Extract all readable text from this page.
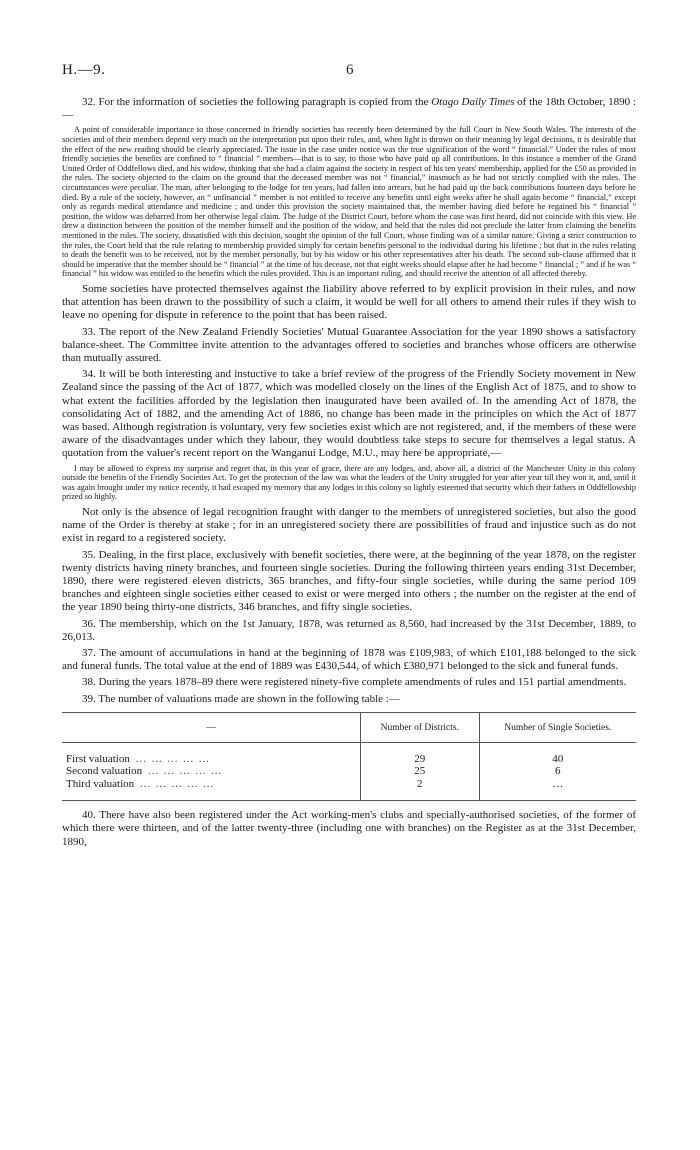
H.—9.	6

32. For the information of societies the following paragraph is copied from the Otago Daily Times of the 18th October, 1890 :—

A point of considerable importance to those concerned in friendly societies has recently been determined by the full Court in New South Wales. The interests of the societies and of their members depend very much on the interpretation put upon their rules, and, when light is thrown on their meaning by legal decisions, it is desirable that the effect of the new reading should be clearly appreciated. The issue in the case under notice was the true signification of the word “ financial.” Under the rules of most friendly societies the benefits are confined to “ financial ” members—that is to say, to those who have paid up all contributions. In this instance a member of the Grand United Order of Oddfellows died, and his widow, thinking that she had a claim against the society in respect of his ten years' membership, applied for the £50 as provided in the rules. The society objected to the claim on the ground that the deceased member was not “ financial,” inasmuch as he had not strictly complied with the rules. The circumstances were peculiar. The man, after belonging to the lodge for ten years, had fallen into arrears, but he had paid up the back contributions fourteen days before he died. By a rule of the society, however, an “ unfinancial ” member is not entitled to receive any benefits until eight weeks after he shall again become “ financial,” except only as regards medical attendance and medicine ; and under this provision the society maintained that, the member having died before he regained his “ financial ” position, the widow was debarred from her otherwise legal claim. The Judge of the District Court, before whom the case was first heard, did not coincide with this view. He drew a distinction between the position of the member himself and the position of the widow, and held that the rules did not preclude the latter from claiming the benefits mentioned in the rules. The society, dissatisfied with this decision, sought the opinion of the full Court, whose finding was of a similar nature. Giving a strict construction to the rules, the Court held that the rule relating to membership provided simply for certain benefits personal to the individual during his lifetime ; but that in the rules relating to death the benefit was to be received, not by the member personally, but by his widow or his other representatives after his death. The second sub-clause affirmed that it should be imperative that the member should be “ financial ” at the time of his decease, not that eight weeks should elapse after he had become “ financial ; ” and if he was “ financial ” his widow was entitled to the benefits which the rules provided. This is an important ruling, and should receive the attention of all affected thereby.

Some societies have protected themselves against the liability above referred to by explicit provision in their rules, and now that attention has been drawn to the possibility of such a claim, it would be well for all others to amend their rules if they wish to leave no opening for dispute in reference to the point that has been raised.

33. The report of the New Zealand Friendly Societies' Mutual Guarantee Association for the year 1890 shows a satisfactory balance-sheet. The Committee invite attention to the advantages offered to societies and branches whose officers are otherwise than mutually assured.

34. It will be both interesting and instuctive to take a brief review of the progress of the Friendly Society movement in New Zealand since the passing of the Act of 1877, which was modelled closely on the lines of the English Act of 1875, and to show to what extent the facilities afforded by the legislation then inaugurated have been availed of. In the amending Act of 1878, the consolidating Act of 1882, and the amending Act of 1886, no change has been made in the principles on which the Act of 1877 was based. Although registration is voluntary, very few societies exist which are not registered, and, if the members of these were aware of the disadvantages under which they labour, they would doubtless take steps to secure for themselves a legal status. A quotation from the valuer's recent report on the Wanganui Lodge, M.U., may here be appropriate,—

I may be allowed to express my surprise and regret that, in this year of grace, there are any lodges, and, above all, a district of the Manchester Unity in this colony outside the benefits of the Friendly Societies Act. To get the protection of the law was what the leaders of the Unity struggled for year after year till they won it, and, until it was again brought under my notice recently, it had escaped my memory that any lodges in this colony so lightly esteemed that security which their fathers in Oddfellowship prized so highly.

Not only is the absence of legal recognition fraught with danger to the members of unregistered societies, but also the good name of the Order is thereby at stake ; for in an unregistered society there are possibilities of fraud and injustice such as do not exist in regard to a registered society.

35. Dealing, in the first place, exclusively with benefit societies, there were, at the beginning of the year 1878, on the register twenty districts having ninety branches, and fourteen single societies. During the following thirteen years ending 31st December, 1890, there were registered eleven districts, 365 branches, and fifty-four single societies, while during the same period 109 branches and eighteen single societies either ceased to exist or were merged into others ; the number on the register at the end of the year 1890 being thirty-one districts, 346 branches, and fifty single societies.

36. The membership, which on the 1st January, 1878, was returned as 8,560, had increased by the 31st December, 1889, to 26,013.

37. The amount of accumulations in hand at the beginning of 1878 was £109,983, of which £101,188 belonged to the sick and funeral funds. The total value at the end of 1889 was £430,544, of which £380,971 belonged to the sick and funeral funds.

38. During the years 1878–89 there were registered ninety-five complete amendments of rules and 151 partial amendments.

39. The number of valuations made are shown in the following table :—

—	Number of Districts.	Number of Single Societies.
First valuation … … … … …	29	40
Second valuation … … … … …	25	6
Third valuation … … … … …	2	…

40. There have also been registered under the Act working-men's clubs and specially-authorised societies, of the former of which there were thirteen, and of the latter twenty-three (including one with branches) on the Register as at the 31st December, 1890,
